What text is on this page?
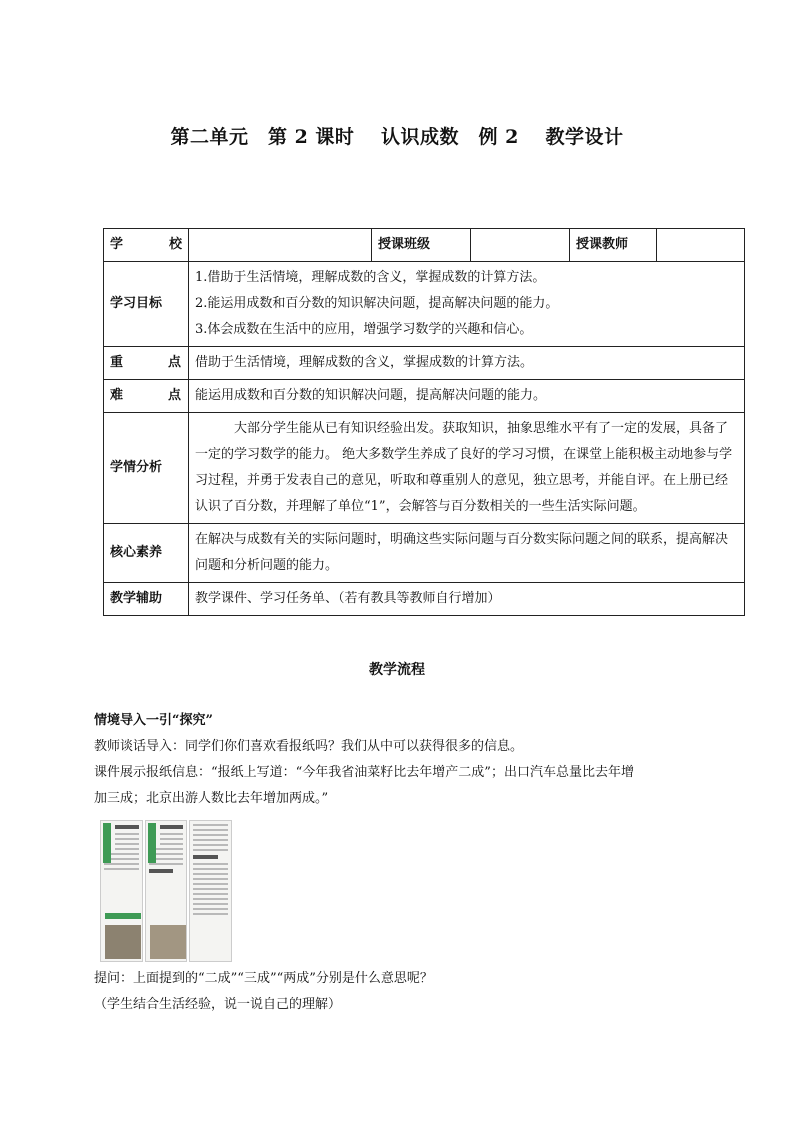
第二单元　第 2 课时　 认识成数　例 2　 教学设计
学　　校		授课班级		授课教师	
学习目标	1.借助于生活情境，理解成数的含义，掌握成数的计算方法。

2.能运用成数和百分数的知识解决问题，提高解决问题的能力。

3.体会成数在生活中的应用，增强学习数学的兴趣和信心。				

重 点	借助于生活情境，理解成数的含义，掌握成数的计算方法。				
难 点	能运用成数和百分数的知识解决问题，提高解决问题的能力。				
学情分析	　　　大部分学生能从已有知识经验出发。获取知识，抽象思维水平有了一定的发展，具备了一定的学习数学的能力。 绝大多数学生养成了良好的学习习惯，在课堂上能积极主动地参与学习过程，并勇于发表自己的意见，听取和尊重别人的意见，独立思考，并能自评。在上册已经认识了百分数，并理解了单位“1”，会解答与百分数相关的一些生活实际问题。				
核心素养	在解决与成数有关的实际问题时，明确这些实际问题与百分数实际问题之间的联系，提高解决问题和分析问题的能力。				
教学辅助	教学课件、学习任务单、（若有教具等教师自行增加）				
教学流程
情境导入一引“探究”
教师谈话导入：同学们你们喜欢看报纸吗？我们从中可以获得很多的信息。
课件展示报纸信息：“报纸上写道：“今年我省油菜籽比去年增产二成”；出口汽车总量比去年增
加三成；北京出游人数比去年增加两成。”
提问：上面提到的“二成”“三成”“两成”分别是什么意思呢？
（学生结合生活经验，说一说自己的理解）
